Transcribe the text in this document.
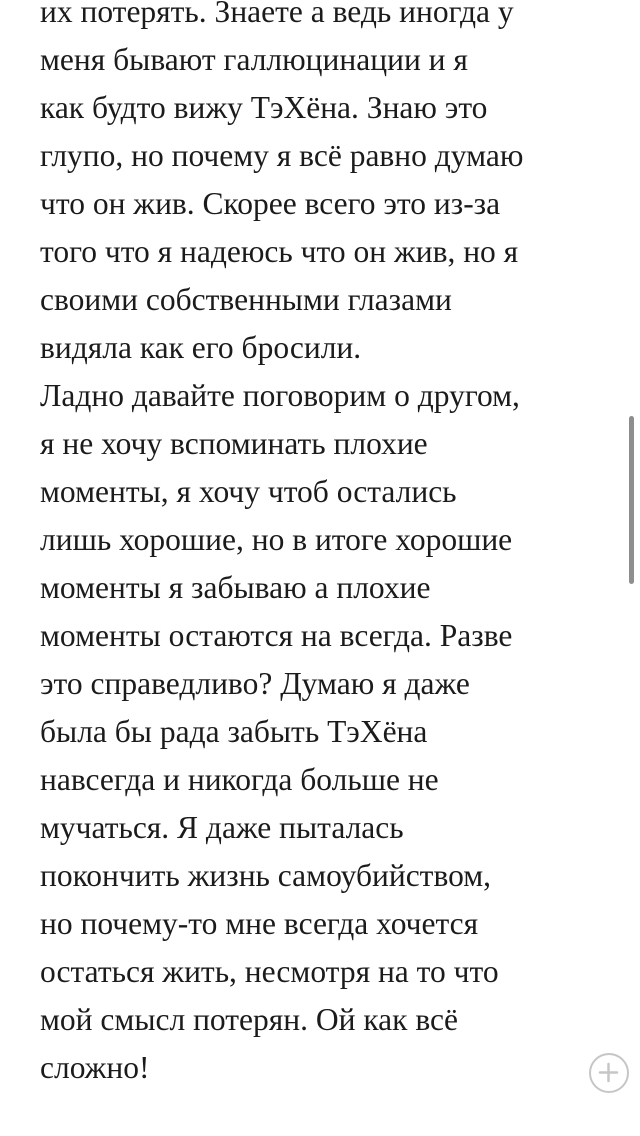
их потерять. Знаете а ведь иногда у
меня бывают галлюцинации и я
как будто вижу ТэХёна. Знаю это
глупо, но почему я всё равно думаю
что он жив. Скорее всего это из-за
того что я надеюсь что он жив, но я
своими собственными глазами
видяла как его бросили.
Ладно давайте поговорим о другом,
я не хочу вспоминать плохие
моменты, я хочу чтоб остались
лишь хорошие, но в итоге хорошие
моменты я забываю а плохие
моменты остаются на всегда. Разве
это справедливо? Думаю я даже
была бы рада забыть ТэХёна
навсегда и никогда больше не
мучаться. Я даже пыталась
покончить жизнь самоубийством,
но почему-то мне всегда хочется
остаться жить, несмотря на то что
мой смысл потерян. Ой как всё
сложно!
